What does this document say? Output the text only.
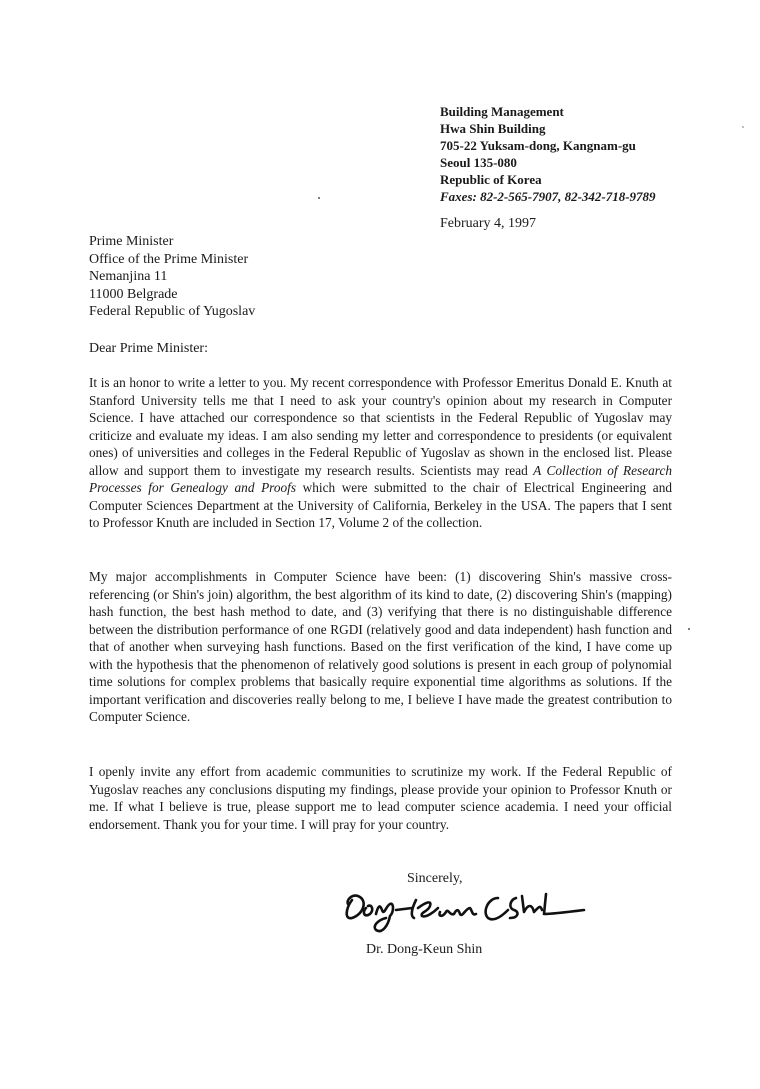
Building Management
Hwa Shin Building
705-22 Yuksam-dong, Kangnam-gu
Seoul 135-080
Republic of Korea
Faxes: 82-2-565-7907, 82-342-718-9789
February 4, 1997
Prime Minister
Office of the Prime Minister
Nemanjina 11
11000 Belgrade
Federal Republic of Yugoslav
Dear Prime Minister:

It is an honor to write a letter to you. My recent correspondence with Professor Emeritus Donald E. Knuth at Stanford University tells me that I need to ask your country's opinion about my research in Computer Science. I have attached our correspondence so that scientists in the Federal Republic of Yugoslav may criticize and evaluate my ideas. I am also sending my letter and correspondence to presidents (or equivalent ones) of universities and colleges in the Federal Republic of Yugoslav as shown in the enclosed list. Please allow and support them to investigate my research results. Scientists may read A Collection of Research Processes for Genealogy and Proofs which were submitted to the chair of Electrical Engineering and Computer Sciences Department at the University of California, Berkeley in the USA. The papers that I sent to Professor Knuth are included in Section 17, Volume 2 of the collection.

My major accomplishments in Computer Science have been: (1) discovering Shin's massive cross-referencing (or Shin's join) algorithm, the best algorithm of its kind to date, (2) discovering Shin's (mapping) hash function, the best hash method to date, and (3) verifying that there is no distinguishable difference between the distribution performance of one RGDI (relatively good and data independent) hash function and that of another when surveying hash functions. Based on the first verification of the kind, I have come up with the hypothesis that the phenomenon of relatively good solutions is present in each group of polynomial time solutions for complex problems that basically require exponential time algorithms as solutions. If the important verification and discoveries really belong to me, I believe I have made the greatest contribution to Computer Science.

I openly invite any effort from academic communities to scrutinize my work. If the Federal Republic of Yugoslav reaches any conclusions disputing my findings, please provide your opinion to Professor Knuth or me. If what I believe is true, please support me to lead computer science academia. I need your official endorsement. Thank you for your time. I will pray for your country.

Sincerely,
Dr. Dong-Keun Shin
